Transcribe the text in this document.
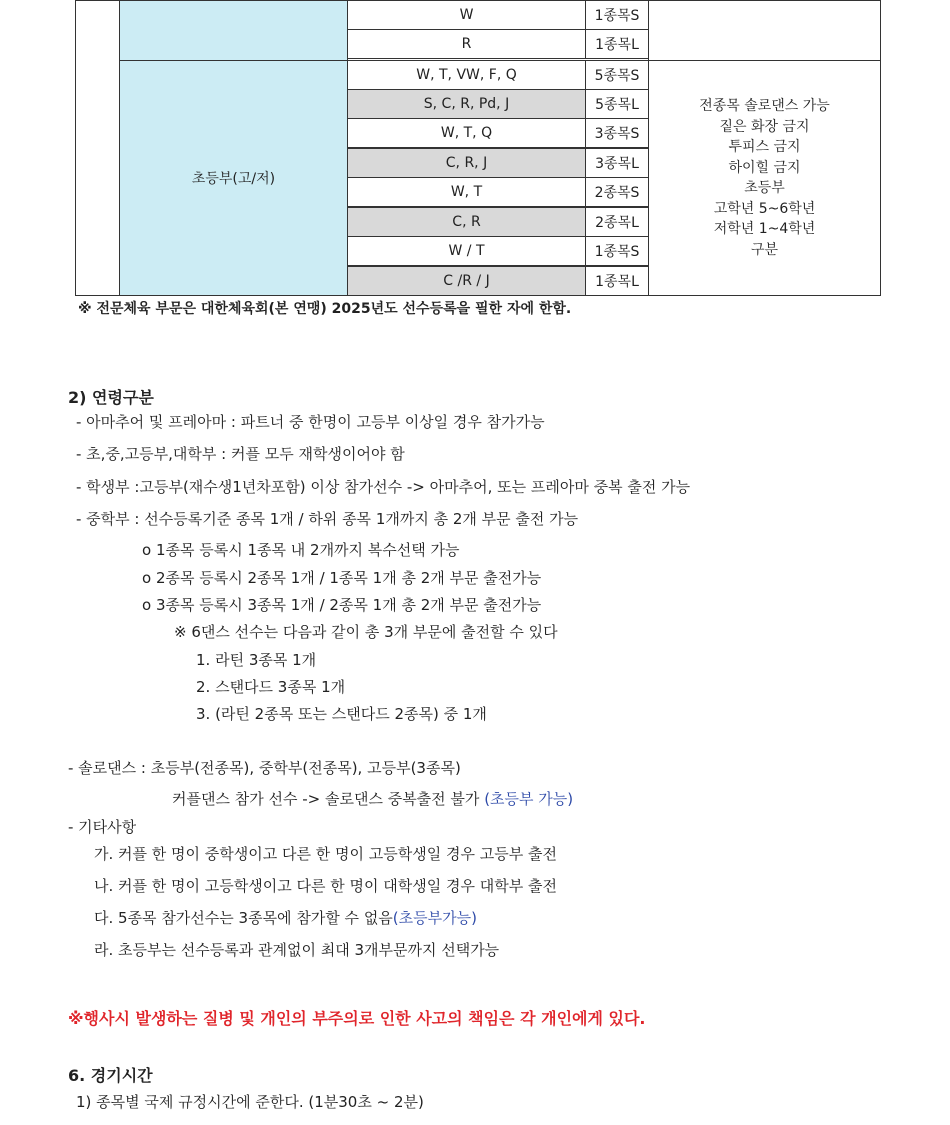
초등부(고/저)
전종목 솔로댄스 가능
짙은 화장 금지
투피스 금지
하이힐 금지
초등부
고학년 5~6학년
저학년 1~4학년
구분
W	1종목S
R	1종목L
W, T, VW, F, Q	5종목S
S, C, R, Pd, J	5종목L
W, T, Q	3종목S
C, R, J	3종목L
W, T	2종목S
C, R	2종목L
W / T	1종목S
C /R / J	1종목L
※ 전문체육 부문은 대한체육회(본 연맹) 2025년도 선수등록을 필한 자에 한함.
2) 연령구분
- 아마추어 및 프레아마 : 파트너 중 한명이 고등부 이상일 경우 참가가능
- 초,중,고등부,대학부 : 커플 모두 재학생이어야 함
- 학생부 :고등부(재수생1년차포함) 이상 참가선수 -> 아마추어, 또는 프레아마 중복 출전 가능
- 중학부 : 선수등록기준 종목 1개 / 하위 종목 1개까지 총 2개 부문 출전 가능
o 1종목 등록시 1종목 내 2개까지 복수선택 가능
o 2종목 등록시 2종목 1개 / 1종목 1개 총 2개 부문 출전가능
o 3종목 등록시 3종목 1개 / 2종목 1개 총 2개 부문 출전가능
※ 6댄스 선수는 다음과 같이 총 3개 부문에 출전할 수 있다
1. 라틴 3종목 1개
2. 스탠다드 3종목 1개
3. (라틴 2종목 또는 스탠다드 2종목) 중 1개
- 솔로댄스 : 초등부(전종목), 중학부(전종목), 고등부(3종목)
커플댄스 참가 선수 -> 솔로댄스 중복출전 불가 (초등부 가능)
- 기타사항
가. 커플 한 명이 중학생이고 다른 한 명이 고등학생일 경우 고등부 출전
나. 커플 한 명이 고등학생이고 다른 한 명이 대학생일 경우 대학부 출전
다. 5종목 참가선수는 3종목에 참가할 수 없음(초등부가능)
라. 초등부는 선수등록과 관계없이 최대 3개부문까지 선택가능
※행사시 발생하는 질병 및 개인의 부주의로 인한 사고의 책임은 각 개인에게 있다.
6. 경기시간
1) 종목별 국제 규정시간에 준한다. (1분30초 ~ 2분)
